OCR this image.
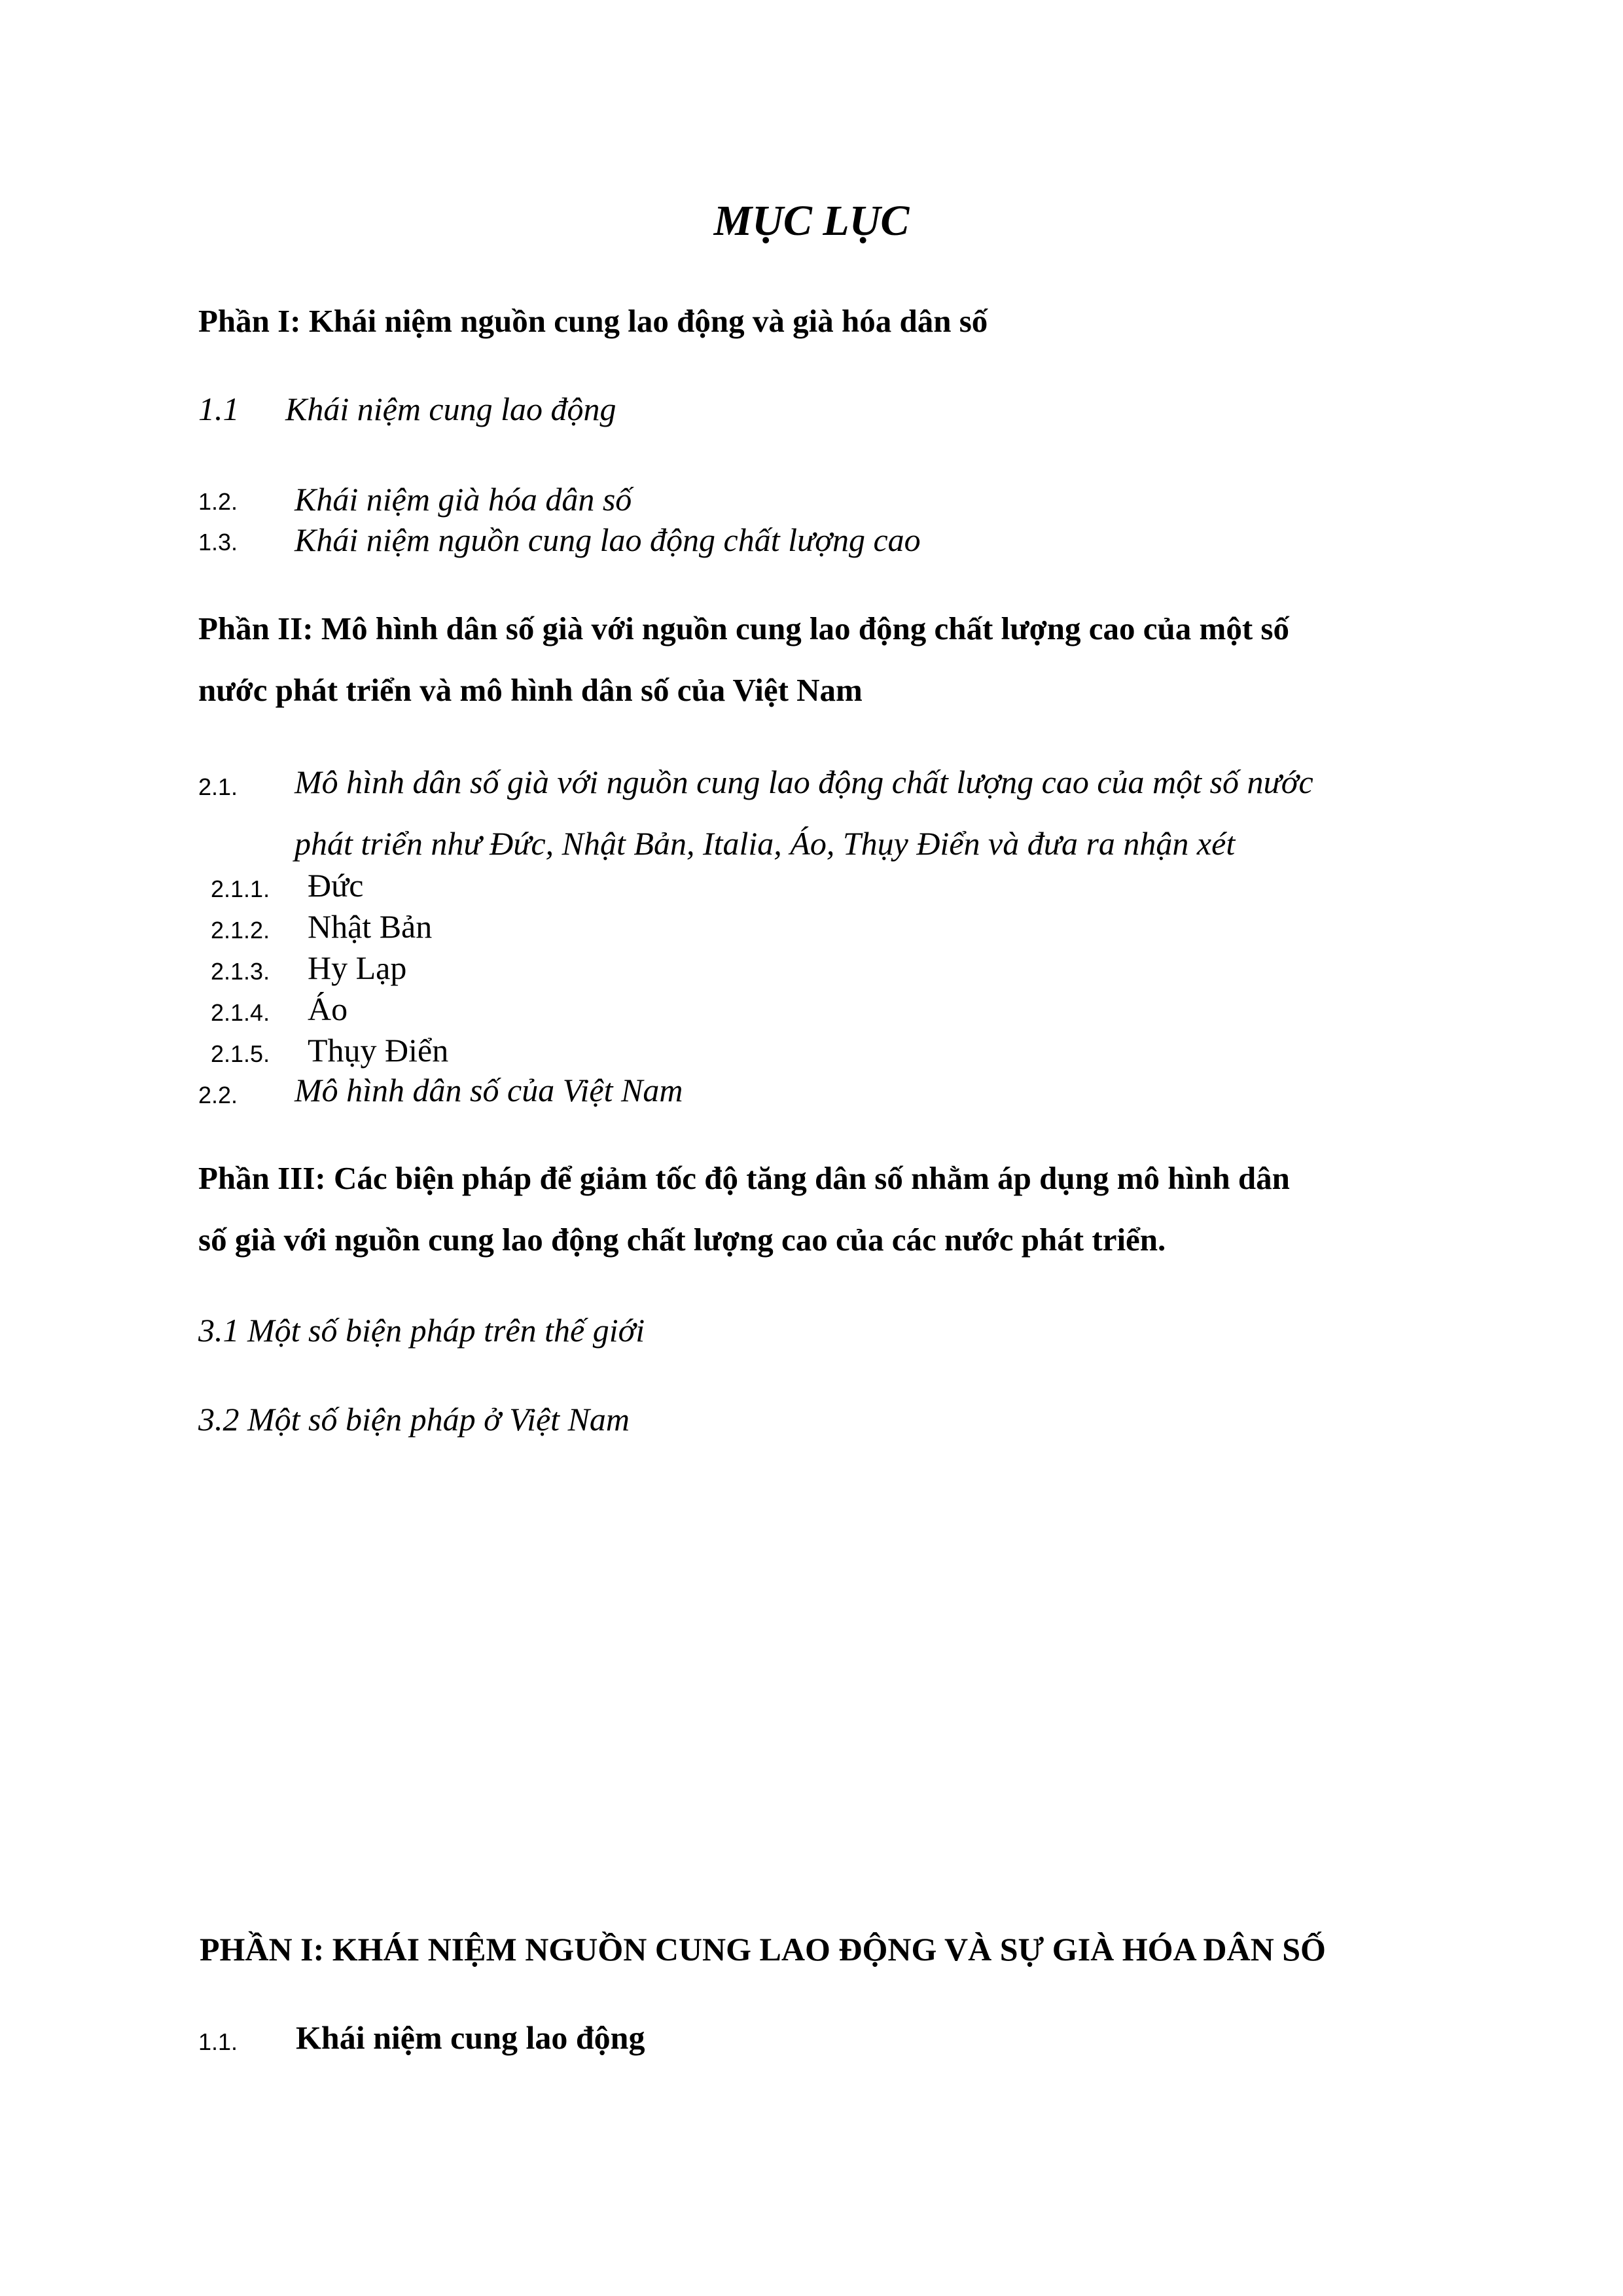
MỤC LỤC
Phần I: Khái niệm nguồn cung lao động và già hóa dân số
1.1 Khái niệm cung lao động
1.2. Khái niệm già hóa dân số
1.3. Khái niệm nguồn cung lao động chất lượng cao
Phần II: Mô hình dân số già với nguồn cung lao động chất lượng cao của một số
nước phát triển và mô hình dân số của Việt Nam
2.1. Mô hình dân số già với nguồn cung lao động chất lượng cao của một số nước
phát triển như Đức, Nhật Bản, Italia, Áo, Thụy Điển và đưa ra nhận xét
2.1.1. Đức
2.1.2. Nhật Bản
2.1.3. Hy Lạp
2.1.4. Áo
2.1.5. Thụy Điển
2.2. Mô hình dân số của Việt Nam
Phần III: Các biện pháp để giảm tốc độ tăng dân số nhằm áp dụng mô hình dân
số già với nguồn cung lao động chất lượng cao của các nước phát triển.
3.1 Một số biện pháp trên thế giới
3.2 Một số biện pháp ở Việt Nam
PHẦN I: KHÁI NIỆM NGUỒN CUNG LAO ĐỘNG VÀ SỰ GIÀ HÓA DÂN SỐ
1.1. Khái niệm cung lao động
